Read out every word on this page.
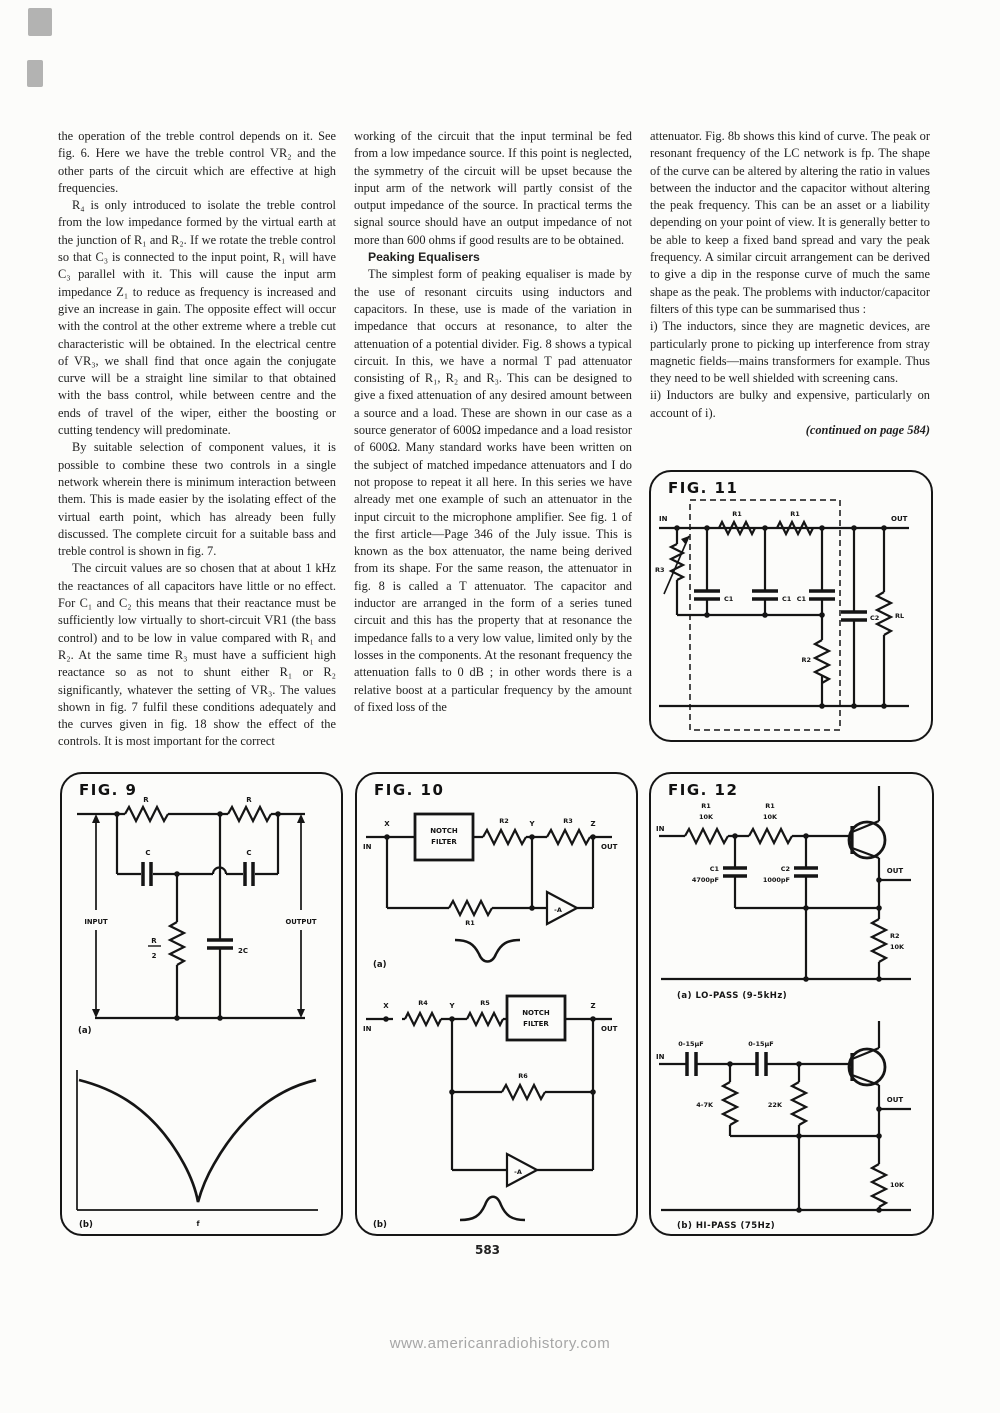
the operation of the treble control depends on it. See fig. 6. Here we have the treble control VR₂ and the other parts of the circuit which are effective at high frequencies.

R₄ is only introduced to isolate the treble control from the low impedance formed by the virtual earth at the junction of R₁ and R₂. If we rotate the treble control so that C₃ is connected to the input point, R₁ will have C₃ parallel with it. This will cause the input arm impedance Z₁ to reduce as frequency is increased and give an increase in gain. The opposite effect will occur with the control at the other extreme where a treble cut characteristic will be obtained. In the electrical centre of VR₃, we shall find that once again the conjugate curve will be a straight line similar to that obtained with the bass control, while between centre and the ends of travel of the wiper, either the boosting or cutting tendency will predominate.

By suitable selection of component values, it is possible to combine these two controls in a single network wherein there is minimum interaction between them. This is made easier by the isolating effect of the virtual earth point, which has already been fully discussed. The complete circuit for a suitable bass and treble control is shown in fig. 7.

The circuit values are so chosen that at about 1 kHz the reactances of all capacitors have little or no effect. For C₁ and C₂ this means that their reactance must be sufficiently low virtually to short-circuit VR1 (the bass control) and to be low in value compared with R₁ and R₂. At the same time R₃ must have a sufficient high reactance so as not to shunt either R₁ or R₂ significantly, whatever the setting of VR₃. The values shown in fig. 7 fulfil these conditions adequately and the curves given in fig. 18 show the effect of the controls. It is most important for the correct

working of the circuit that the input terminal be fed from a low impedance source. If this point is neglected, the symmetry of the circuit will be upset because the input arm of the network will partly consist of the output impedance of the source. In practical terms the signal source should have an output impedance of not more than 600 ohms if good results are to be obtained.

Peaking Equalisers

The simplest form of peaking equaliser is made by the use of resonant circuits using inductors and capacitors. In these, use is made of the variation in impedance that occurs at resonance, to alter the attenuation of a potential divider. Fig. 8 shows a typical circuit. In this, we have a normal T pad attenuator consisting of R₁, R₂ and R₃. This can be designed to give a fixed attenuation of any desired amount between a source and a load. These are shown in our case as a source generator of 600Ω impedance and a load resistor of 600Ω. Many standard works have been written on the subject of matched impedance attenuators and I do not propose to repeat it all here. In this series we have already met one example of such an attenuator in the input circuit to the microphone amplifier. See fig. 1 of the first article—Page 346 of the July issue. This is known as the box attenuator, the name being derived from its shape. For the same reason, the attenuator in fig. 8 is called a T attenuator. The capacitor and inductor are arranged in the form of a series tuned circuit and this has the property that at resonance the impedance falls to a very low value, limited only by the losses in the components. At the resonant frequency the attenuation falls to 0 dB ; in other words there is a relative boost at a particular frequency by the amount of fixed loss of the

attenuator. Fig. 8b shows this kind of curve. The peak or resonant frequency of the LC network is fp. The shape of the curve can be altered by altering the ratio in values between the inductor and the capacitor without altering the peak frequency. This can be an asset or a liability depending on your point of view. It is generally better to be able to keep a fixed band spread and vary the peak frequency. A similar circuit arrangement can be derived to give a dip in the response curve of much the same shape as the peak. The problems with inductor/capacitor filters of this type can be summarised thus :

i) The inductors, since they are magnetic devices, are particularly prone to picking up interference from stray magnetic fields—mains transformers for example. Thus they need to be well shielded with screening cans.

ii) Inductors are bulky and expensive, particularly on account of i).

(continued on page 584)

FIG. 11
IN	OUT
R1	R1
R3
C1	C1 C1
R2
C2 RL
FIG. 9
R	R
C	C
INPUT	OUTPUT
R
2
2C
(a)
f
(b)
FIG. 10
X
IN
NOTCH
FILTER
R2	Y	R3	Z
OUT
R1
-A
(a)
X
IN
R4	Y	R5
NOTCH
FILTER
Z
OUT
R6
-A
(b)
FIG. 12
IN
R1
10K
R1
10K
C1
4700pF
C2
1000pF
OUT
R2
10K
(a) LO-PASS (9-5kHz)
IN
0-15µF	0-15µF
4-7K	22K
OUT
10K
(b) HI-PASS (75Hz)
583
www.americanradiohistory.com
